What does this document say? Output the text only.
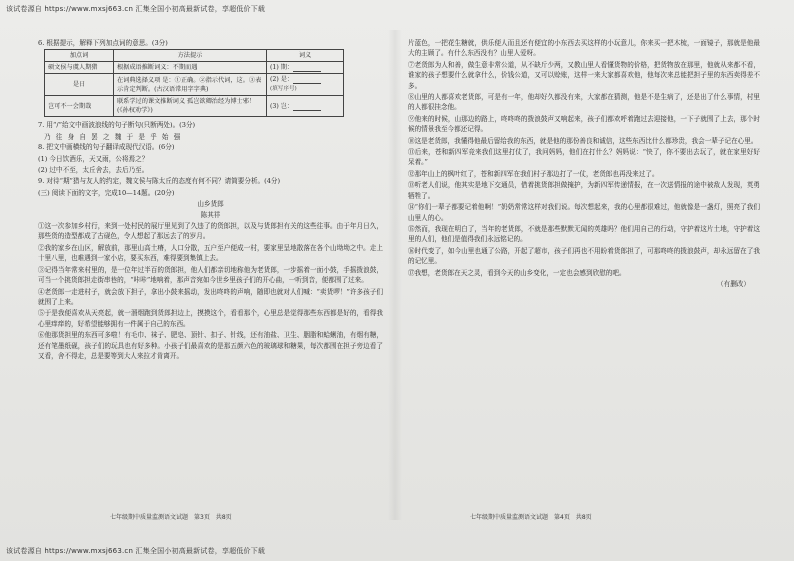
该试卷源自 https://www.mxsj663.cn 汇集全国小初高最新试卷，享超低价下载
6. 根据提示，解释下列加点词的意思。(3分)
加点词	方法提示	词义
硕文侯与虞人期猎	根据成语推断词义：不期而遇	(1) 期：
是日	在词典选择义项 是：①正确。②指示代词，这。③表示肯定判断。(古汉语常用字字典)	(2) 是：
(填写序号)
岂可不一会期哉	联系学过的课文推断词义 孤岂欲卿治经为博士邪！(《孙权劝学》)	(3) 岂：
7. 用“/”给文中画波浪线的句子断句(只断两处)。(3分)
乃往身自罢之魏于是乎始强
8. 把文中画横线的句子翻译成现代汉语。(6分)
(1) 今日饮酒乐，天又雨，公将焉之？
(2) 过中不至，太丘舍去，去后乃至。
9. 对待“期”猎与友人的约定，魏文侯与陈太丘的态度有何不同？请简要分析。(4分)
(三) 阅读下面的文字，完成10—14题。(20分)
山乡货郎
陈其祥

①这一次参加乡村行，来到一处村民的展厅里见到了久违了的货郎担，以及与货郎担有关的这些往事。由于年月日久，那些货的造型都成了古砚色，令人想起了那远去了的岁月。

②我的家乡在山区，解放前，那里山高土瘠，人口分散，五户至户便成一村，要家里呈地散落在各个山坳坳之中。走上十里八里，也难遇到一家小店，要买东西，难得要到集镇上去。

③记得当年常来村里的，是一位年过半百的货郎担，他人们都亲切地称他为老货郎，一步摇着一面小鼓，手摇拨浪鼓，可当一个挑货郎担走街串巷的，“咔咔”地响着，那声音宛如今世乡里孩子们的开心曲，一听到音，便都围了过来。

④老货郎一走进村子，就会放下担子，拿出小鼓来摇动，发出咚咚的声响，随即也就对人们喊：“卖货啰！”许多孩子们就围了上来。

⑤于是我便喜欢从天亮起，就一溜烟跑到货郎担边上，摸摸这个，看看那个，心里总是觉得那些东西都是好的，看得我心里痒痒的，好希望能够拥有一件属于自己的东西。

⑥他那货担里的东西可多啦！有毛巾、袜子、肥皂、顶针、扣子、针线，还有油盐、卫生、胭脂和蛤蜊油，有烟有糖，还有笔墨纸砚，孩子们的玩具也有好多种。小孩子们最喜欢的是那五颜六色的玻璃球和糖果，每次都围在担子旁边看了又看，舍不得走，总是要等到大人来拉才肯离开。

片蓝色，一把花生糖就，供乐便人而且还有便宜的小东西去买这样的小玩意儿，你来买一把木梳，一面镜子，那就是他最大的主顾了。有什么东西没有？山里人爱呀。

⑦老货郎为人和善，做生意非常公道，从不缺斤少两，又教山里人看懂货物的价格，把货物放在那里，他就从来都不看，谁家的孩子想要什么就拿什么，价钱公道，又可以赊账，这样一来大家都喜欢他，他每次来总能把担子里的东西卖得差不多。

⑧山里的人都喜欢老货郎，可是有一年，他却好久都没有来，大家都在猜测，他是不是生病了，还是出了什么事情，村里的人都很挂念他。

⑨他来的时候，山那边的路上，咚咚咚的拨浪鼓声又响起来，孩子们都欢呼着跑过去迎接他，一下子就围了上去，那个时候的情景我至今都还记得。

⑩这是老货郎，我懂得他最后留给我的东西，就是他的那份善良和诚信，这些东西比什么都珍贵，我会一辈子记在心里。

⑪后来，苍和新四军竞来我们这里打仗了，我问妈妈，他们在打什么？妈妈说：“快了，你不要出去玩了，就在家里好好呆着。”

⑫那年山上的枫叶红了，苍和新四军在我们村子那边打了一仗，老货郎也再没来过了。

⑬听老人们说，他其实是地下交通员，借着挑货郎担做掩护，为新四军传递情报，在一次送情报的途中被敌人发现，英勇牺牲了。

⑭“你们一辈子都要记着他啊！”奶奶常常这样对我们说。每次想起来，我的心里都很难过，他就像是一盏灯，照亮了我们山里人的心。

⑮然而，我现在明白了，当年的老货郎，不就是那些默默无闻的英雄吗？他们用自己的行动，守护着这片土地，守护着这里的人们，他们是值得我们永远铭记的。

⑯时代变了，如今山里也通了公路，开起了超市，孩子们再也不用盼着货郎担了，可那咚咚的拨浪鼓声，却永远留在了我的记忆里。

⑰我想，老货郎在天之灵，看到今天的山乡变化，一定也会感到欣慰的吧。

（有删改）
七年级期中质量监测语文试题　第3页　共8页	七年级期中质量监测语文试题　第4页　共8页
该试卷源自 https://www.mxsj663.cn 汇集全国小初高最新试卷，享超低价下载
